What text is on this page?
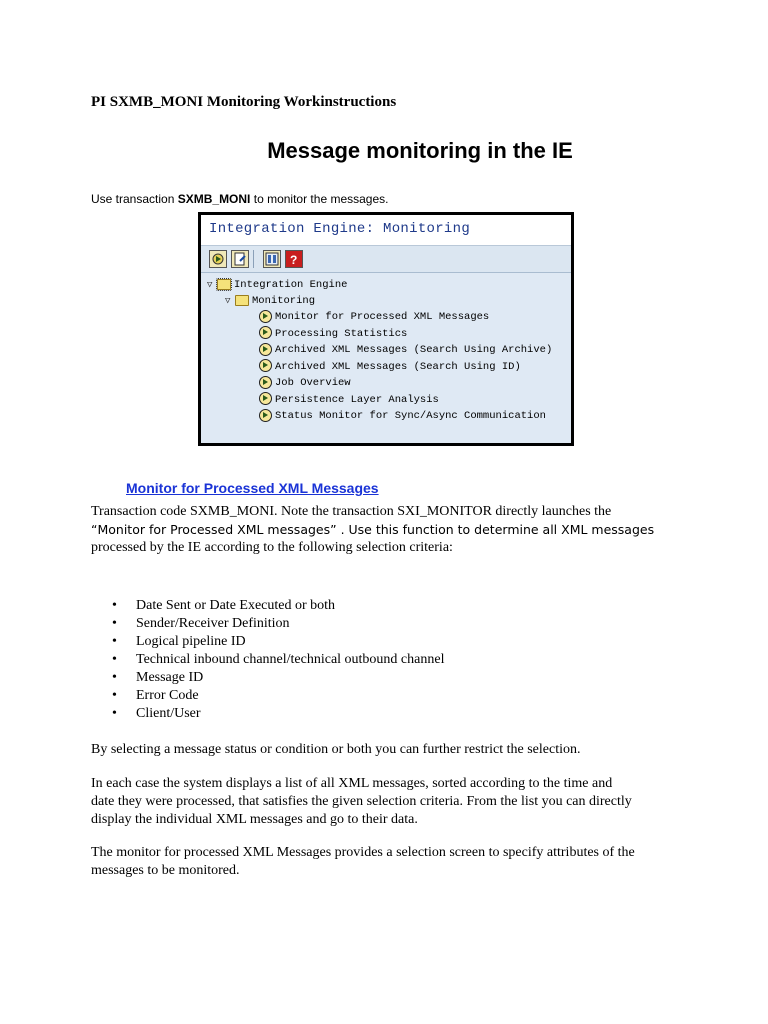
PI SXMB_MONI Monitoring Workinstructions
Message monitoring in the IE
Use transaction SXMB_MONI to monitor the messages.
Integration Engine: Monitoring
?
▽ Integration Engine
▽ Monitoring
Monitor for Processed XML Messages
Processing Statistics
Archived XML Messages (Search Using Archive)
Archived XML Messages (Search Using ID)
Job Overview
Persistence Layer Analysis
Status Monitor for Sync/Async Communication
Monitor for Processed XML Messages
Transaction code SXMB_MONI. Note the transaction SXI_MONITOR directly launches the
“Monitor for Processed XML messages” . Use this function to determine all XML messages
processed by the IE according to the following selection criteria:
• Date Sent or Date Executed or both
• Sender/Receiver Definition
• Logical pipeline ID
• Technical inbound channel/technical outbound channel
• Message ID
• Error Code
• Client/User
By selecting a message status or condition or both you can further restrict the selection.
In each case the system displays a list of all XML messages, sorted according to the time and
date they were processed, that satisfies the given selection criteria. From the list you can directly
display the individual XML messages and go to their data.
The monitor for processed XML Messages provides a selection screen to specify attributes of the
messages to be monitored.
